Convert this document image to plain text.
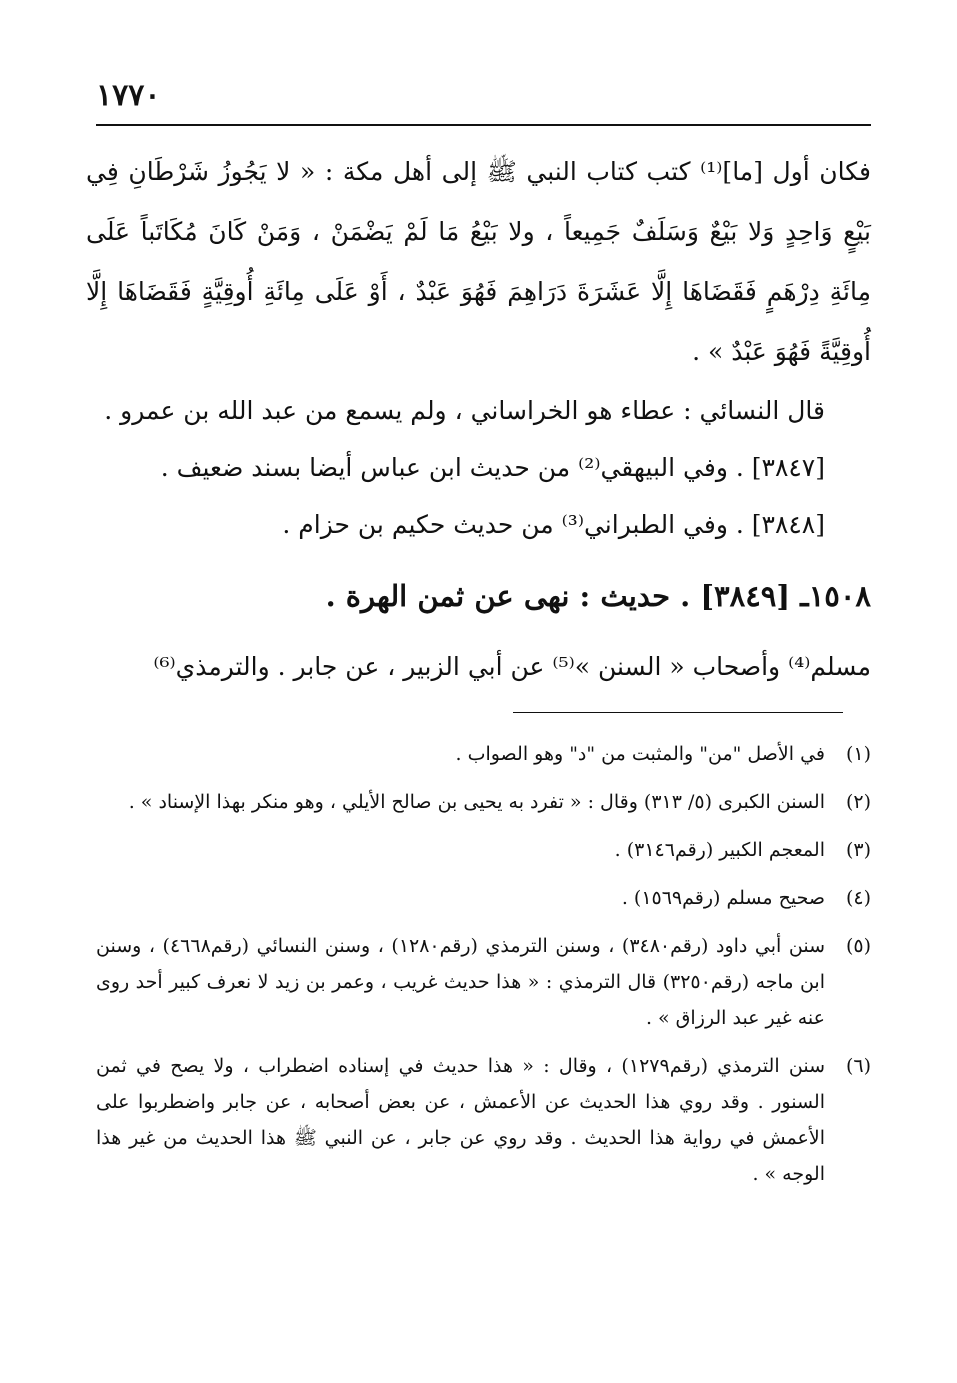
١٧٧٠

فكان أول [ما]⁽¹⁾ كتب كتاب النبي ﷺ إلى أهل مكة : « لا يَجُوزُ شَرْطَانِ فِي بَيْعٍ وَاحِدٍ وَلا بَيْعٌ وَسَلَفٌ جَمِيعاً ، ولا بَيْعُ مَا لَمْ يَضْمَنْ ، وَمَنْ كَانَ مُكَاتَباً عَلَى مِائَةِ دِرْهَمٍ فَقَضَاهَا إِلَّا عَشَرَةَ دَرَاهِمَ فَهُوَ عَبْدٌ ، أَوْ عَلَى مِائَةِ أُوقِيَّةٍ فَقَضَاهَا إِلَّا أُوقِيَّةً فَهُوَ عَبْدٌ » .

قال النسائي : عطاء هو الخراساني ، ولم يسمع من عبد الله بن عمرو .

[٣٨٤٧] . وفي البيهقي⁽²⁾ من حديث ابن عباس أيضا بسند ضعيف .

[٣٨٤٨] . وفي الطبراني⁽³⁾ من حديث حكيم بن حزام .

١٥٠٨ـ [٣٨٤٩] . حديث : نهى عن ثمن الهرة .

مسلم⁽⁴⁾ وأصحاب « السنن »⁽⁵⁾ عن أبي الزبير ، عن جابر . والترمذي⁽⁶⁾

(١)
في الأصل "من" والمثبت من "د" وهو الصواب .
(٢)
السنن الكبرى (٥/ ٣١٣) وقال : « تفرد به يحيى بن صالح الأيلي ، وهو منكر بهذا الإسناد » .
(٣)
المعجم الكبير (رقم٣١٤٦) .
(٤)
صحيح مسلم (رقم١٥٦٩) .
(٥)
سنن أبي داود (رقم٣٤٨٠) ، وسنن الترمذي (رقم١٢٨٠) ، وسنن النسائي (رقم٤٦٦٨) ، وسنن ابن ماجه (رقم٣٢٥٠) قال الترمذي : « هذا حديث غريب ، وعمر بن زيد لا نعرف كبير أحد روى عنه غير عبد الرزاق » .
(٦)
سنن الترمذي (رقم١٢٧٩) ، وقال : « هذا حديث في إسناده اضطراب ، ولا يصح في ثمن السنور . وقد روي هذا الحديث عن الأعمش ، عن بعض أصحابه ، عن جابر واضطربوا على الأعمش في رواية هذا الحديث . وقد روي عن جابر ، عن النبي ﷺ هذا الحديث من غير هذا الوجه » .
